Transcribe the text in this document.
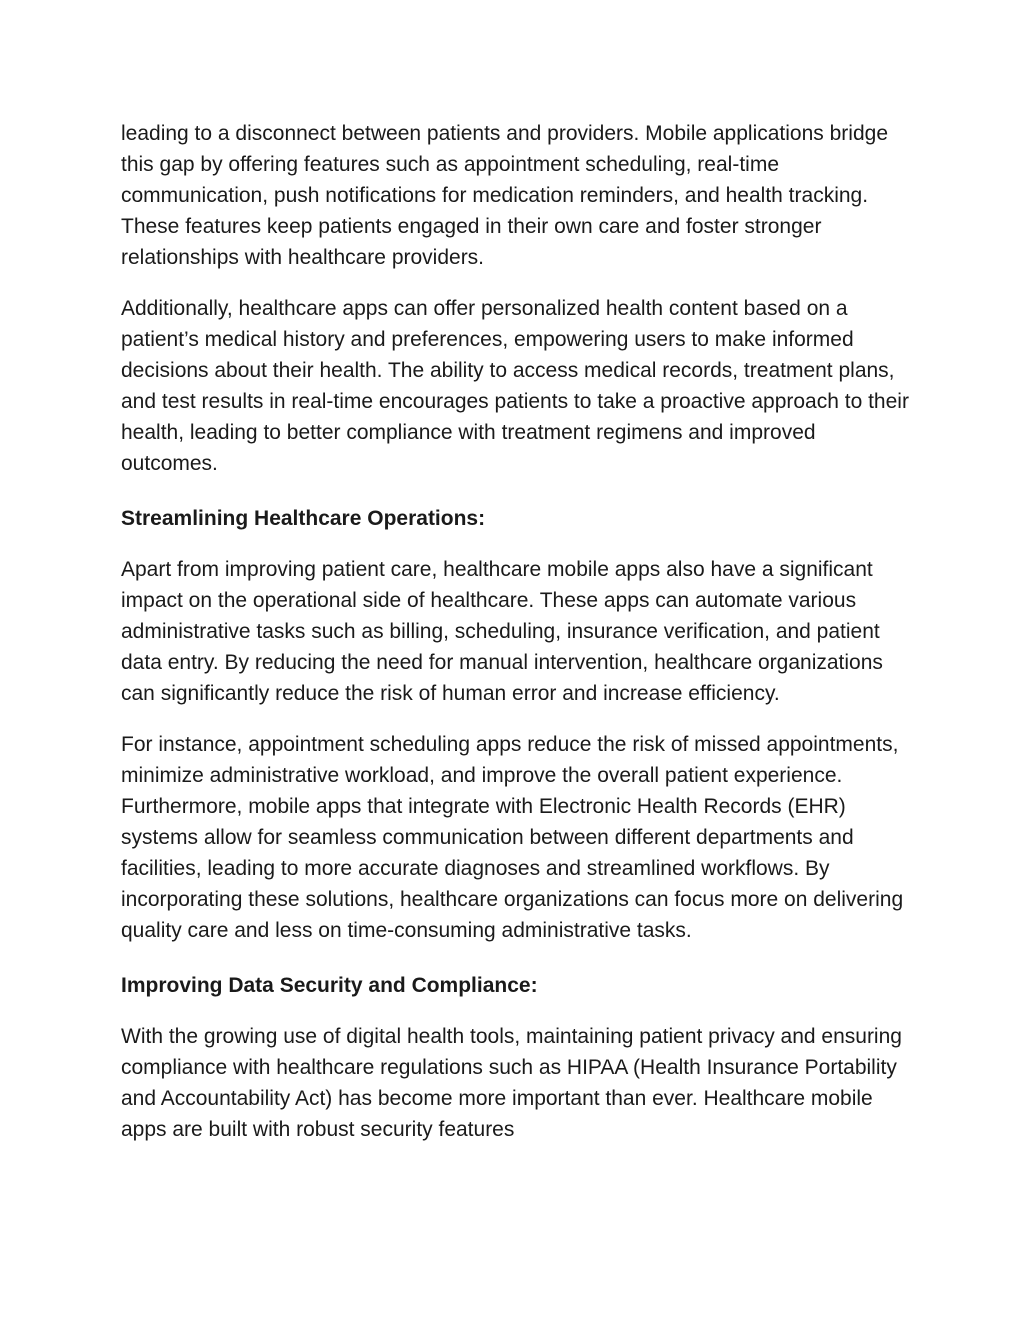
leading to a disconnect between patients and providers. Mobile applications bridge this gap by offering features such as appointment scheduling, real-time communication, push notifications for medication reminders, and health tracking. These features keep patients engaged in their own care and foster stronger relationships with healthcare providers.

Additionally, healthcare apps can offer personalized health content based on a patient’s medical history and preferences, empowering users to make informed decisions about their health. The ability to access medical records, treatment plans, and test results in real-time encourages patients to take a proactive approach to their health, leading to better compliance with treatment regimens and improved outcomes.

Streamlining Healthcare Operations:

Apart from improving patient care, healthcare mobile apps also have a significant impact on the operational side of healthcare. These apps can automate various administrative tasks such as billing, scheduling, insurance verification, and patient data entry. By reducing the need for manual intervention, healthcare organizations can significantly reduce the risk of human error and increase efficiency.

For instance, appointment scheduling apps reduce the risk of missed appointments, minimize administrative workload, and improve the overall patient experience. Furthermore, mobile apps that integrate with Electronic Health Records (EHR) systems allow for seamless communication between different departments and facilities, leading to more accurate diagnoses and streamlined workflows. By incorporating these solutions, healthcare organizations can focus more on delivering quality care and less on time-consuming administrative tasks.

Improving Data Security and Compliance:

With the growing use of digital health tools, maintaining patient privacy and ensuring compliance with healthcare regulations such as HIPAA (Health Insurance Portability and Accountability Act) has become more important than ever. Healthcare mobile apps are built with robust security features
